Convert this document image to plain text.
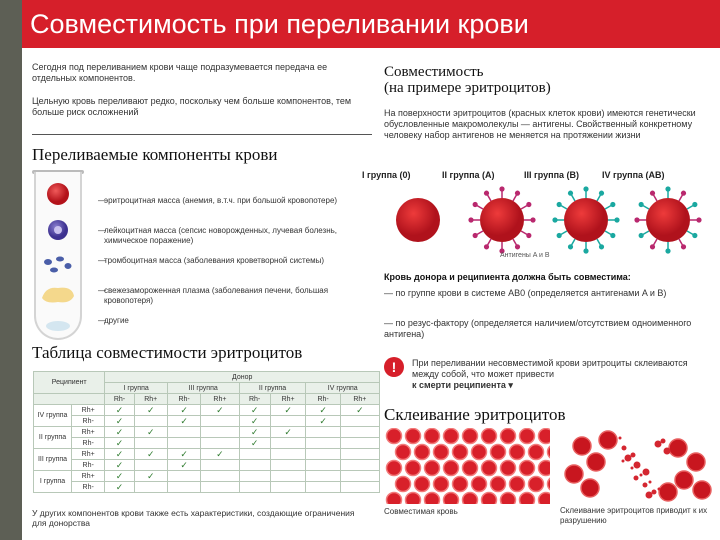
Совместимость при переливании крови
Сегодня под переливанием крови чаще подразумевается передача ее отдельных компонентов.
Цельную кровь переливают редко, поскольку чем больше компонентов, тем больше риск осложнений
Переливаемые компоненты крови
—
эритроцитная масса (анемия, в.т.ч. при большой кровопотере)
—
лейкоцитная масса (сепсис новорожденных, лучевая болезнь, химическое поражение)
—
тромбоцитная масса (заболевания кроветворной системы)
—
свежезамороженная плазма (заболевания печени, большая кровопотеря)
—
другие
Таблица совместимости эритроцитов
Реципиент		Донор							
		I группа		III группа		II группа		IV группа	
		Rh-	Rh+	Rh-	Rh+	Rh-	Rh+	Rh-	Rh+
IV группа	Rh+	✓	✓	✓	✓	✓	✓	✓	✓
	Rh-	✓		✓		✓		✓	
II группа	Rh+	✓	✓			✓	✓		
	Rh-	✓				✓			
III группа	Rh+	✓	✓	✓	✓				
	Rh-	✓		✓					
I группа	Rh+	✓	✓						
	Rh-	✓							
У других компонентов крови также есть характеристики, создающие ограничения для донорства
Совместимость
(на примере эритроцитов)
На поверхности эритроцитов (красных клеток крови) имеются генетически обусловленные макромолекулы — антигены. Свойственный конкретному человеку набор антигенов не меняется на протяжении жизни
I группа (0)	II группа (A)	III группа (B)	IV группа (AB)
Антигены A и B
Кровь донора и реципиента должна быть совместима:
— по группе крови в системе AB0 (определяется антигенами A и B)
— по резус-фактору (определяется наличием/отсутствием одноименного антигена)
!	При переливании несовместимой крови эритроциты склеиваются между собой, что может привести
к смерти реципиента ▾
Склеивание эритроцитов
Совместимая кровь	Склеивание эритроцитов приводит к их разрушению
